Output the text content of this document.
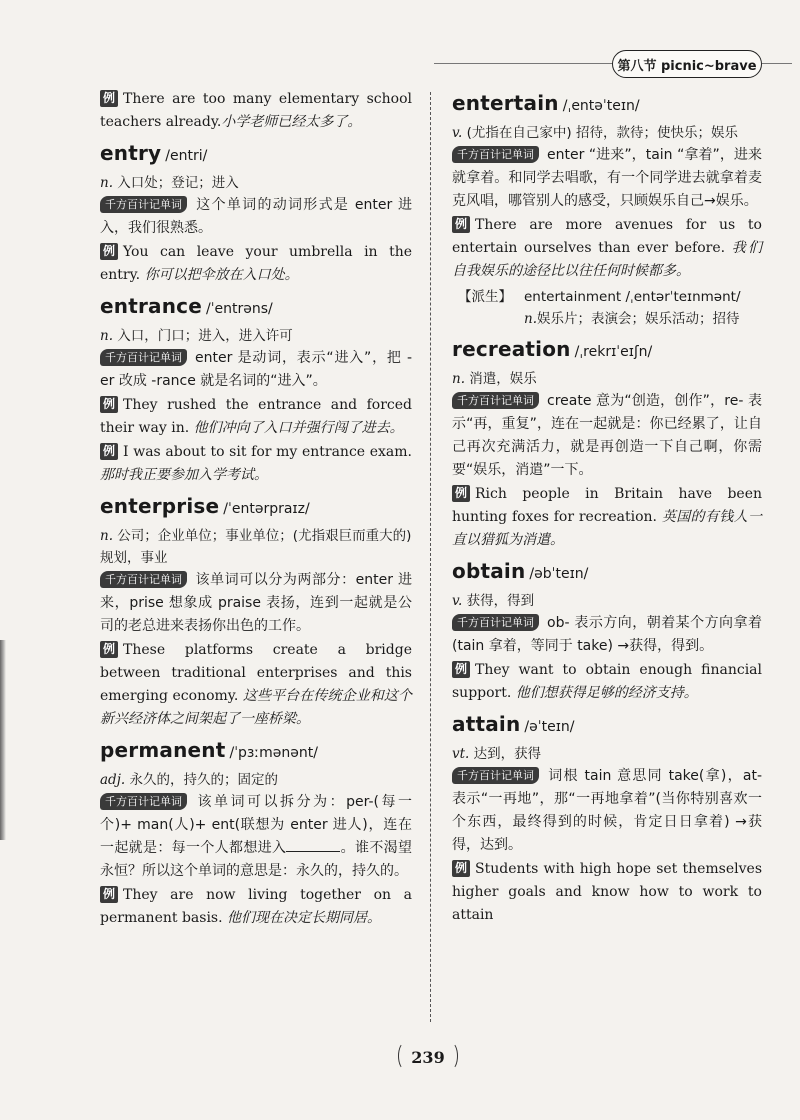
第八节 picnic~brave
例 There are too many elementary school teachers already.小学老师已经太多了。
entry /entri/
n. 入口处；登记；进入
千方百计记单词 这个单词的动词形式是 enter 进入，我们很熟悉。
例 You can leave your umbrella in the entry. 你可以把伞放在入口处。
entrance /ˈentrəns/
n. 入口，门口；进入，进入许可
千方百计记单词 enter 是动词，表示“进入”，把 -er 改成 -rance 就是名词的“进入”。
例 They rushed the entrance and forced their way in. 他们冲向了入口并强行闯了进去。
例 I was about to sit for my entrance exam. 那时我正要参加入学考试。
enterprise /ˈentərpraɪz/
n. 公司；企业单位；事业单位；(尤指艰巨而重大的) 规划，事业
千方百计记单词 该单词可以分为两部分：enter 进来，prise 想象成 praise 表扬，连到一起就是公司的老总进来表扬你出色的工作。
例 These platforms create a bridge between traditional enterprises and this emerging economy. 这些平台在传统企业和这个新兴经济体之间架起了一座桥梁。
permanent /ˈpɜːmənənt/
adj. 永久的，持久的；固定的
千方百计记单词 该单词可以拆分为：per-(每一个)+ man(人)+ ent(联想为 enter 进人)，连在一起就是：每一个人都想进入	。谁不渴望永恒？所以这个单词的意思是：永久的，持久的。
例 They are now living together on a permanent basis. 他们现在决定长期同居。
entertain /ˌentəˈteɪn/
v. (尤指在自己家中) 招待，款待；使快乐；娱乐
千方百计记单词 enter “进来”，tain “拿着”，进来就拿着。和同学去唱歌，有一个同学进去就拿着麦克风唱，哪管别人的感受，只顾娱乐自己→娱乐。
例 There are more avenues for us to entertain ourselves than ever before. 我们自我娱乐的途径比以往任何时候都多。
【派生】 entertainment /ˌentərˈteɪnmənt/
n.娱乐片；表演会；娱乐活动；招待
recreation /ˌrekrɪˈeɪʃn/
n. 消遣，娱乐
千方百计记单词 create 意为“创造，创作”，re- 表示“再，重复”，连在一起就是：你已经累了，让自己再次充满活力，就是再创造一下自己啊，你需要“娱乐，消遣”一下。
例 Rich people in Britain have been hunting foxes for recreation. 英国的有钱人一直以猎狐为消遣。
obtain /əbˈteɪn/
v. 获得，得到
千方百计记单词 ob- 表示方向，朝着某个方向拿着 (tain 拿着，等同于 take) →获得，得到。
例 They want to obtain enough financial support. 他们想获得足够的经济支持。
attain /əˈteɪn/
vt. 达到，获得
千方百计记单词 词根 tain 意思同 take(拿)，at- 表示“一再地”，那“一再地拿着”(当你特别喜欢一个东西，最终得到的时候，肯定日日拿着) →获得，达到。
例 Students with high hope set themselves higher goals and know how to work to attain
239
